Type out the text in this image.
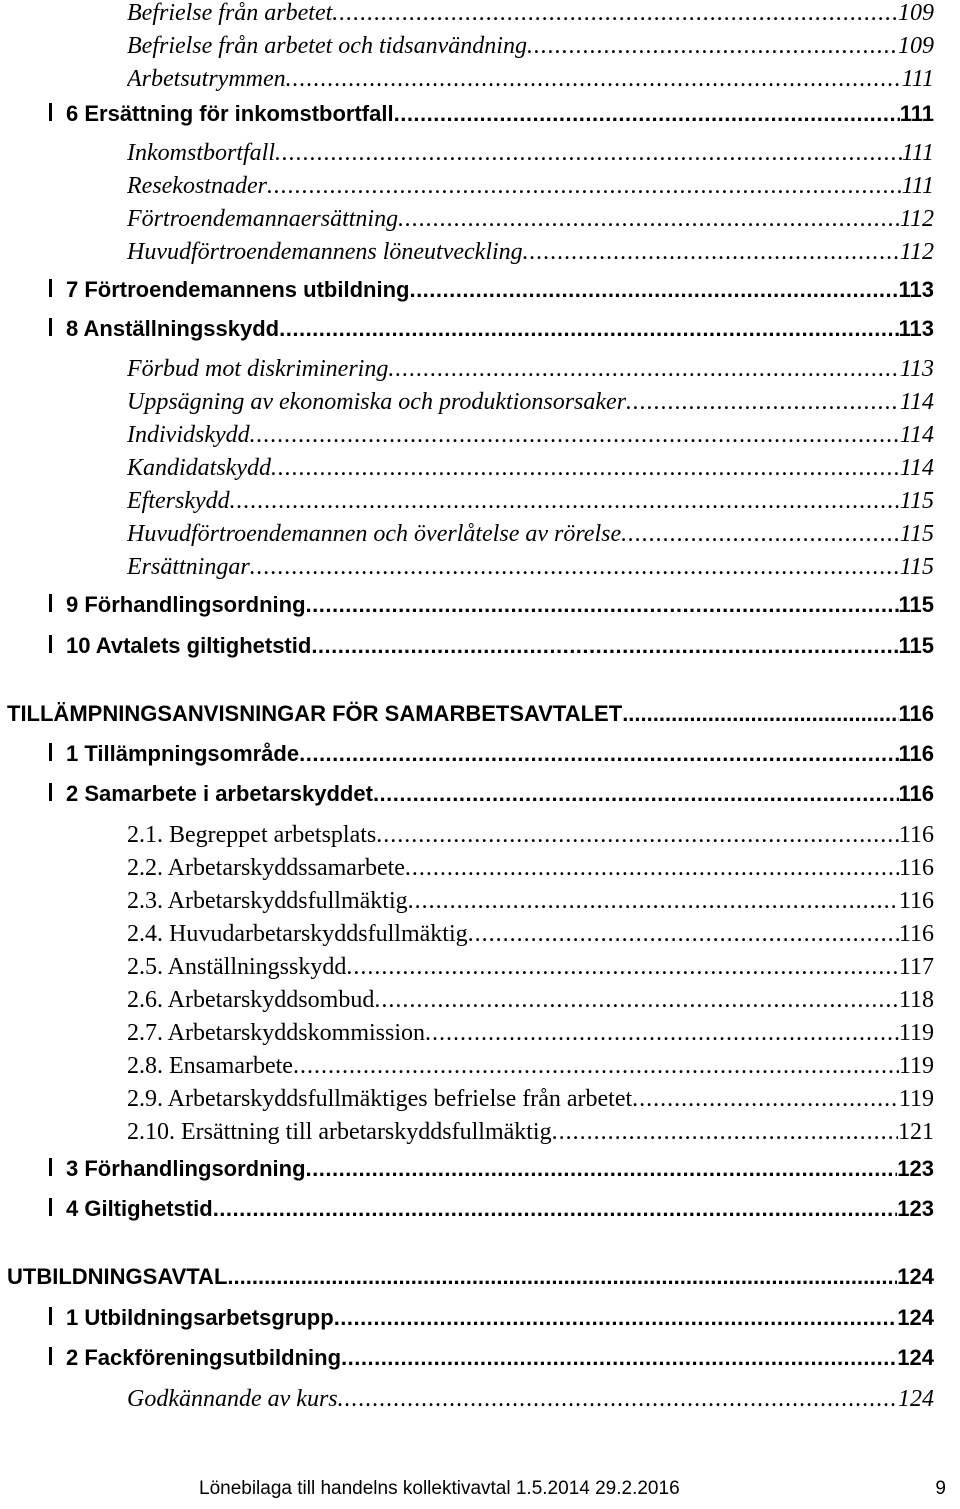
Befrielse från arbetet .....	109
Befrielse från arbetet och tidsanvändning .....	109
Arbetsutrymmen .....	111
6 Ersättning för inkomstbortfall .....	111
Inkomstbortfall .....	111
Resekostnader .....	111
Förtroendemannaersättning .....	112
Huvudförtroendemannens löneutveckling .....	112
7 Förtroendemannens utbildning .....	113
8 Anställningsskydd .....	113
Förbud mot diskriminering .....	113
Uppsägning av ekonomiska och produktionsorsaker .....	114
Individskydd .....	114
Kandidatskydd .....	114
Efterskydd .....	115
Huvudförtroendemannen och överlåtelse av rörelse .....	115
Ersättningar .....	115
9 Förhandlingsordning .....	115
10 Avtalets giltighetstid .....	115
TILLÄMPNINGSANVISNINGAR FÖR SAMARBETSAVTALET .....	116
1 Tillämpningsområde .....	116
2 Samarbete i arbetarskyddet .....	116
2.1. Begreppet arbetsplats .....	116
2.2. Arbetarskyddssamarbete .....	116
2.3. Arbetarskyddsfullmäktig .....	116
2.4. Huvudarbetarskyddsfullmäktig .....	116
2.5. Anställningsskydd .....	117
2.6. Arbetarskyddsombud .....	118
2.7. Arbetarskyddskommission .....	119
2.8. Ensamarbete .....	119
2.9. Arbetarskyddsfullmäktiges befrielse från arbetet .....	119
2.10. Ersättning till arbetarskyddsfullmäktig .....	121
3 Förhandlingsordning .....	123
4 Giltighetstid .....	123
UTBILDNINGSAVTAL .....	124
1 Utbildningsarbetsgrupp .....	124
2 Fackföreningsutbildning .....	124
Godkännande av kurs .....	124
Lönebilaga till handelns kollektivavtal 1.5.2014 29.2.2016	9
